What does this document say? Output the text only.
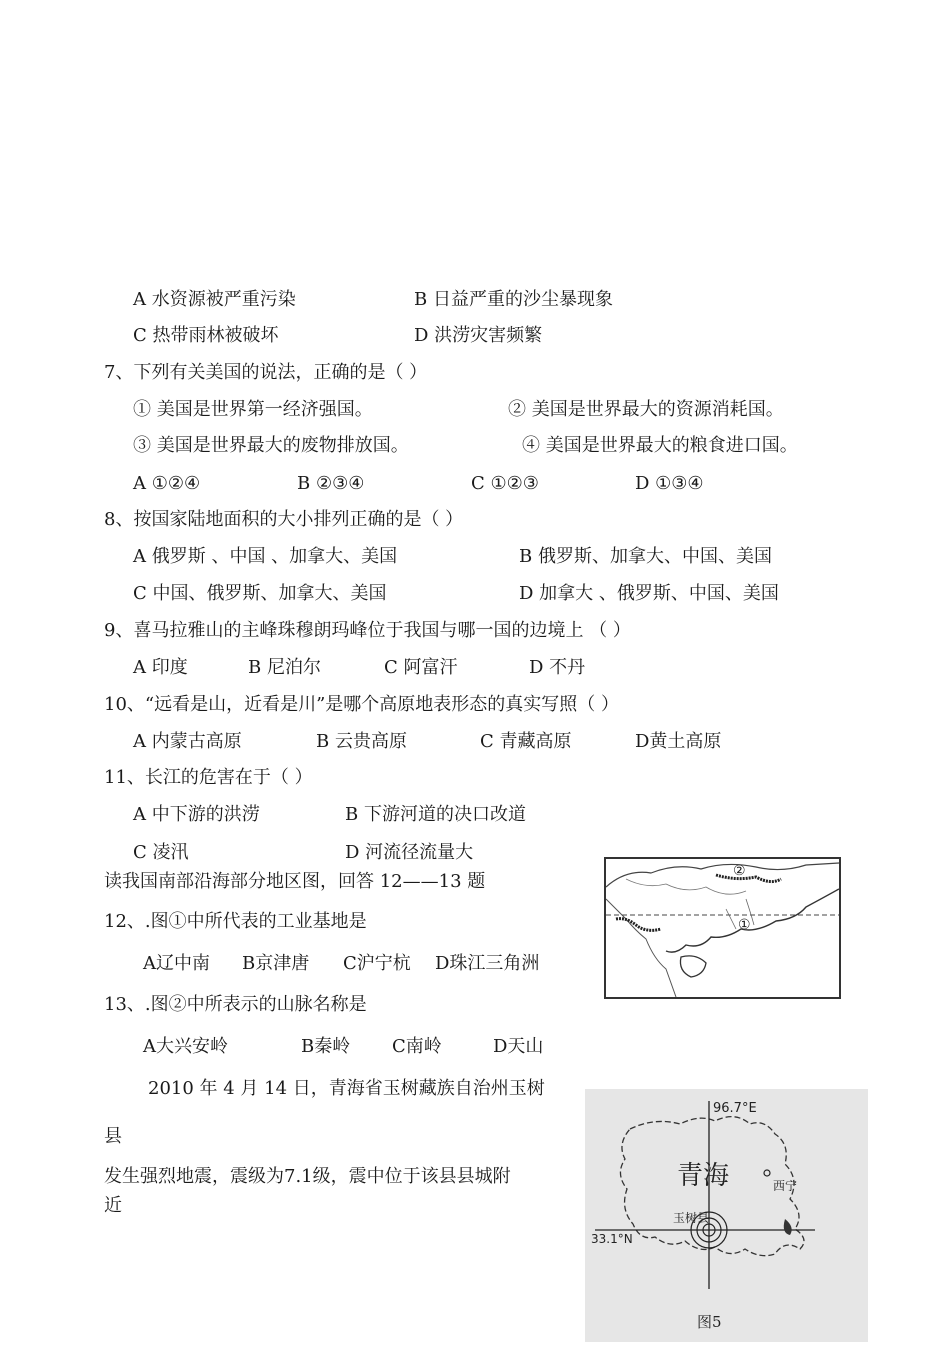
A 水资源被严重污染	B 日益严重的沙尘暴现象
C 热带雨林被破坏	D 洪涝灾害频繁
7、下列有关美国的说法，正确的是（ ）
① 美国是世界第一经济强国。	② 美国是世界最大的资源消耗国。
③ 美国是世界最大的废物排放国。	④ 美国是世界最大的粮食进口国。
A ①②④	B ②③④	C ①②③	D ①③④
8、按国家陆地面积的大小排列正确的是（ ）
A 俄罗斯 、中国 、加拿大、美国	B 俄罗斯、加拿大、中国、美国
C 中国、俄罗斯、加拿大、美国	D 加拿大 、俄罗斯、中国、美国
9、喜马拉雅山的主峰珠穆朗玛峰位于我国与哪一国的边境上 （ ）
A 印度	B 尼泊尔	C 阿富汗	D 不丹
10、“远看是山，近看是川”是哪个高原地表形态的真实写照（ ）
A 内蒙古高原	B 云贵高原	C 青藏高原	D黄土高原
11、长江的危害在于（ ）
A 中下游的洪涝	B 下游河道的决口改道
C 凌汛	D 河流径流量大
读我国南部沿海部分地区图，回答 12——13 题
12、.图①中所代表的工业基地是
A辽中南 B京津唐 C沪宁杭 D珠江三角洲
13、.图②中所表示的山脉名称是
A大兴安岭	B秦岭 C南岭	D天山
2010 年 4 月 14 日，青海省玉树藏族自治州玉树
县
发生强烈地震，震级为7.1级，震中位于该县县城附
近
②
①
96.7°E
青海	西宁
玉树县
33.1°N
图5
